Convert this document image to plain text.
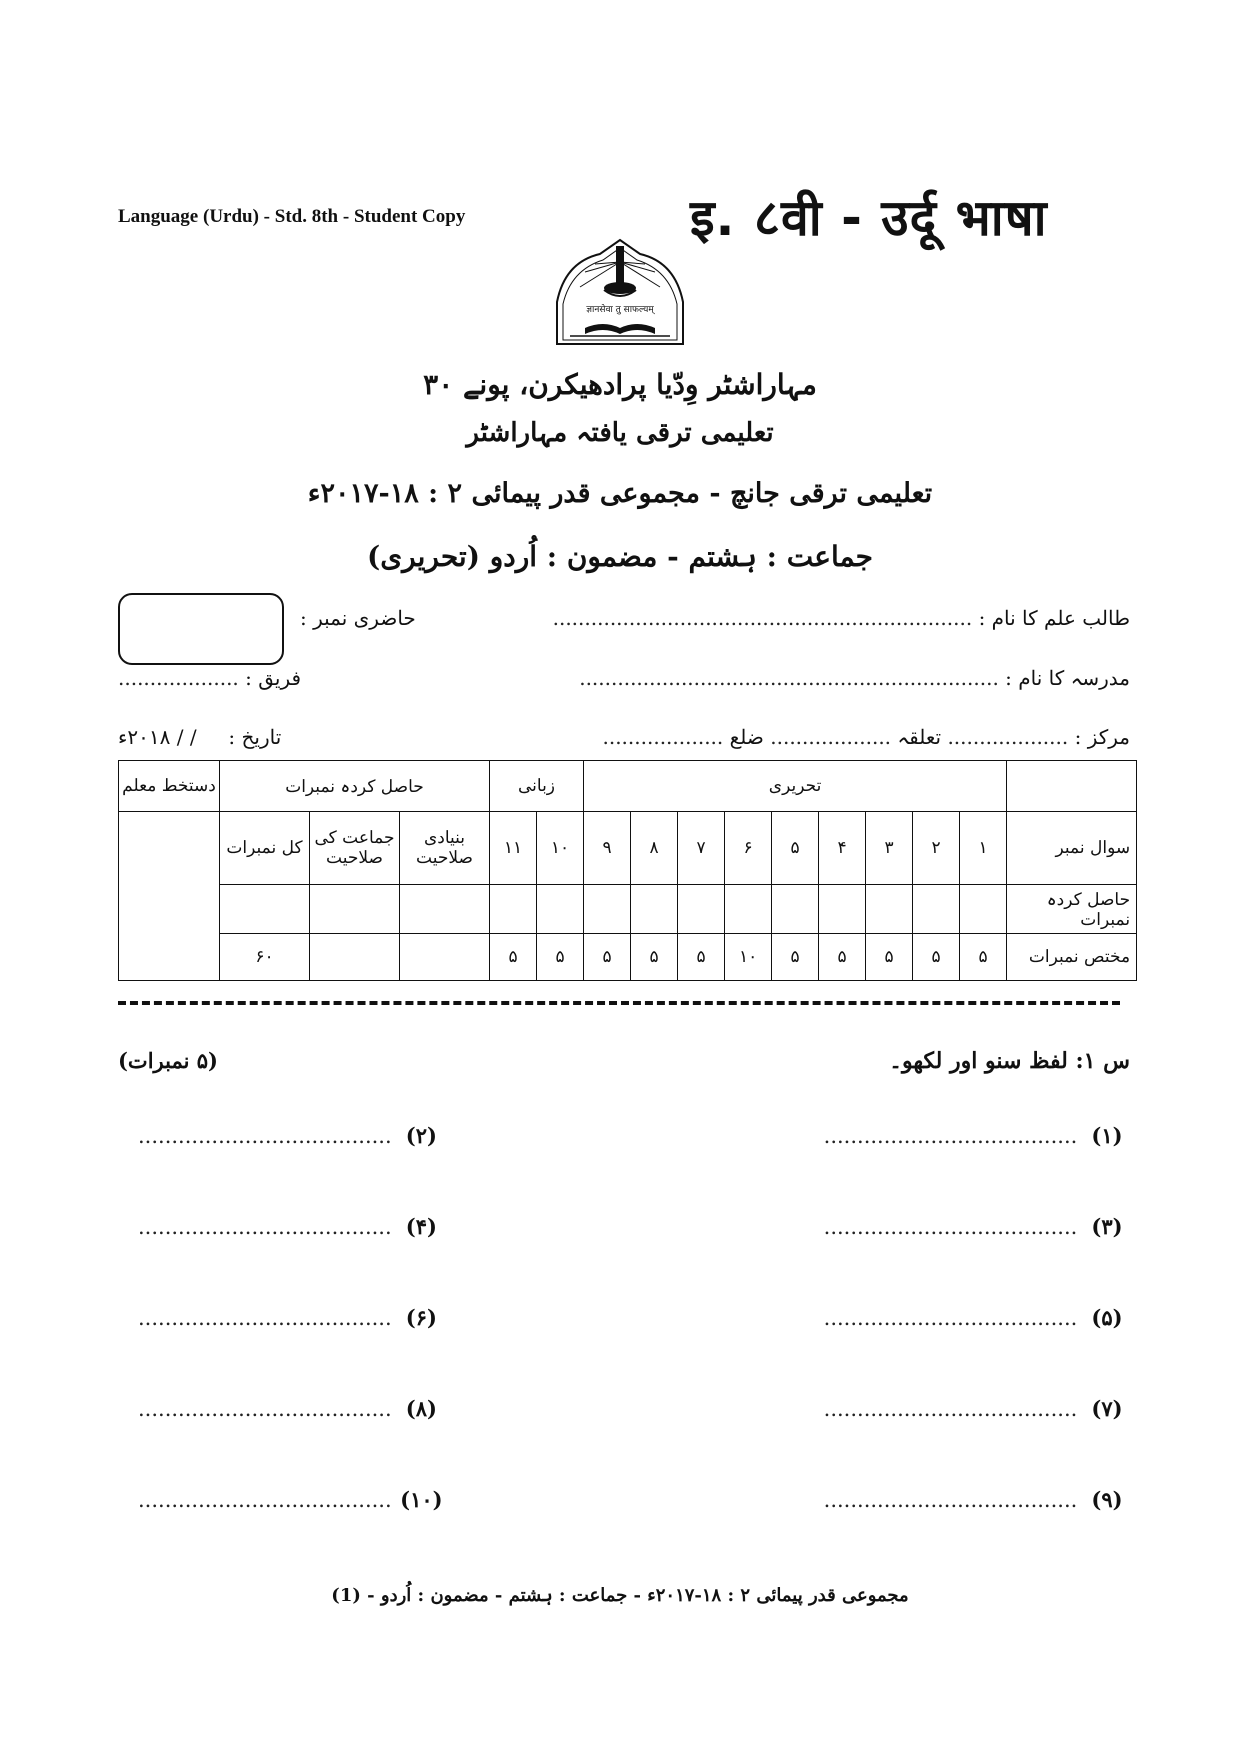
Language (Urdu) - Std. 8th - Student Copy	इ. ८वी - उर्दू भाषा
ज्ञानसेवा तु साफल्यम्
مہاراشٹر وِدّیا پرادھیکرن، پونے ۳۰
تعلیمی ترقی یافتہ مہاراشٹر
تعلیمی ترقی جانچ - مجموعی قدر پیمائی ۲ : ۱۸-۲۰۱۷ء
جماعت : ہشتم - مضمون : اُردو (تحریری)
طالب علم کا نام : ..................................................................
حاضری نمبر :
مدرسہ کا نام : ..................................................................
فریق : ...................
مرکز : ................... تعلقہ ................... ضلع ...................
تاریخ :     / / ۲۰۱۸ء
	تحریری									زبانی		حاصل کردہ نمبرات			دستخط معلم
سوال نمبر	۱	۲	۳	۴	۵	۶	۷	۸	۹	۱۰	۱۱	بنیادی صلاحیت	جماعت کی صلاحیت	کل نمبرات	
حاصل کردہ نمبرات															
مختص نمبرات	۵	۵	۵	۵	۵	۱۰	۵	۵	۵	۵	۵			۶۰	
س ۱: لفظ سنو اور لکھو۔
(۵ نمبرات)
(۱) ......................................
(۲) ......................................
(۳) ......................................
(۴) ......................................
(۵) ......................................
(۶) ......................................
(۷) ......................................
(۸) ......................................
(۹) ......................................
(۱۰) ......................................
مجموعی قدر پیمائی ۲ : ۱۸-۲۰۱۷ء - جماعت : ہشتم - مضمون : اُردو - (1)
